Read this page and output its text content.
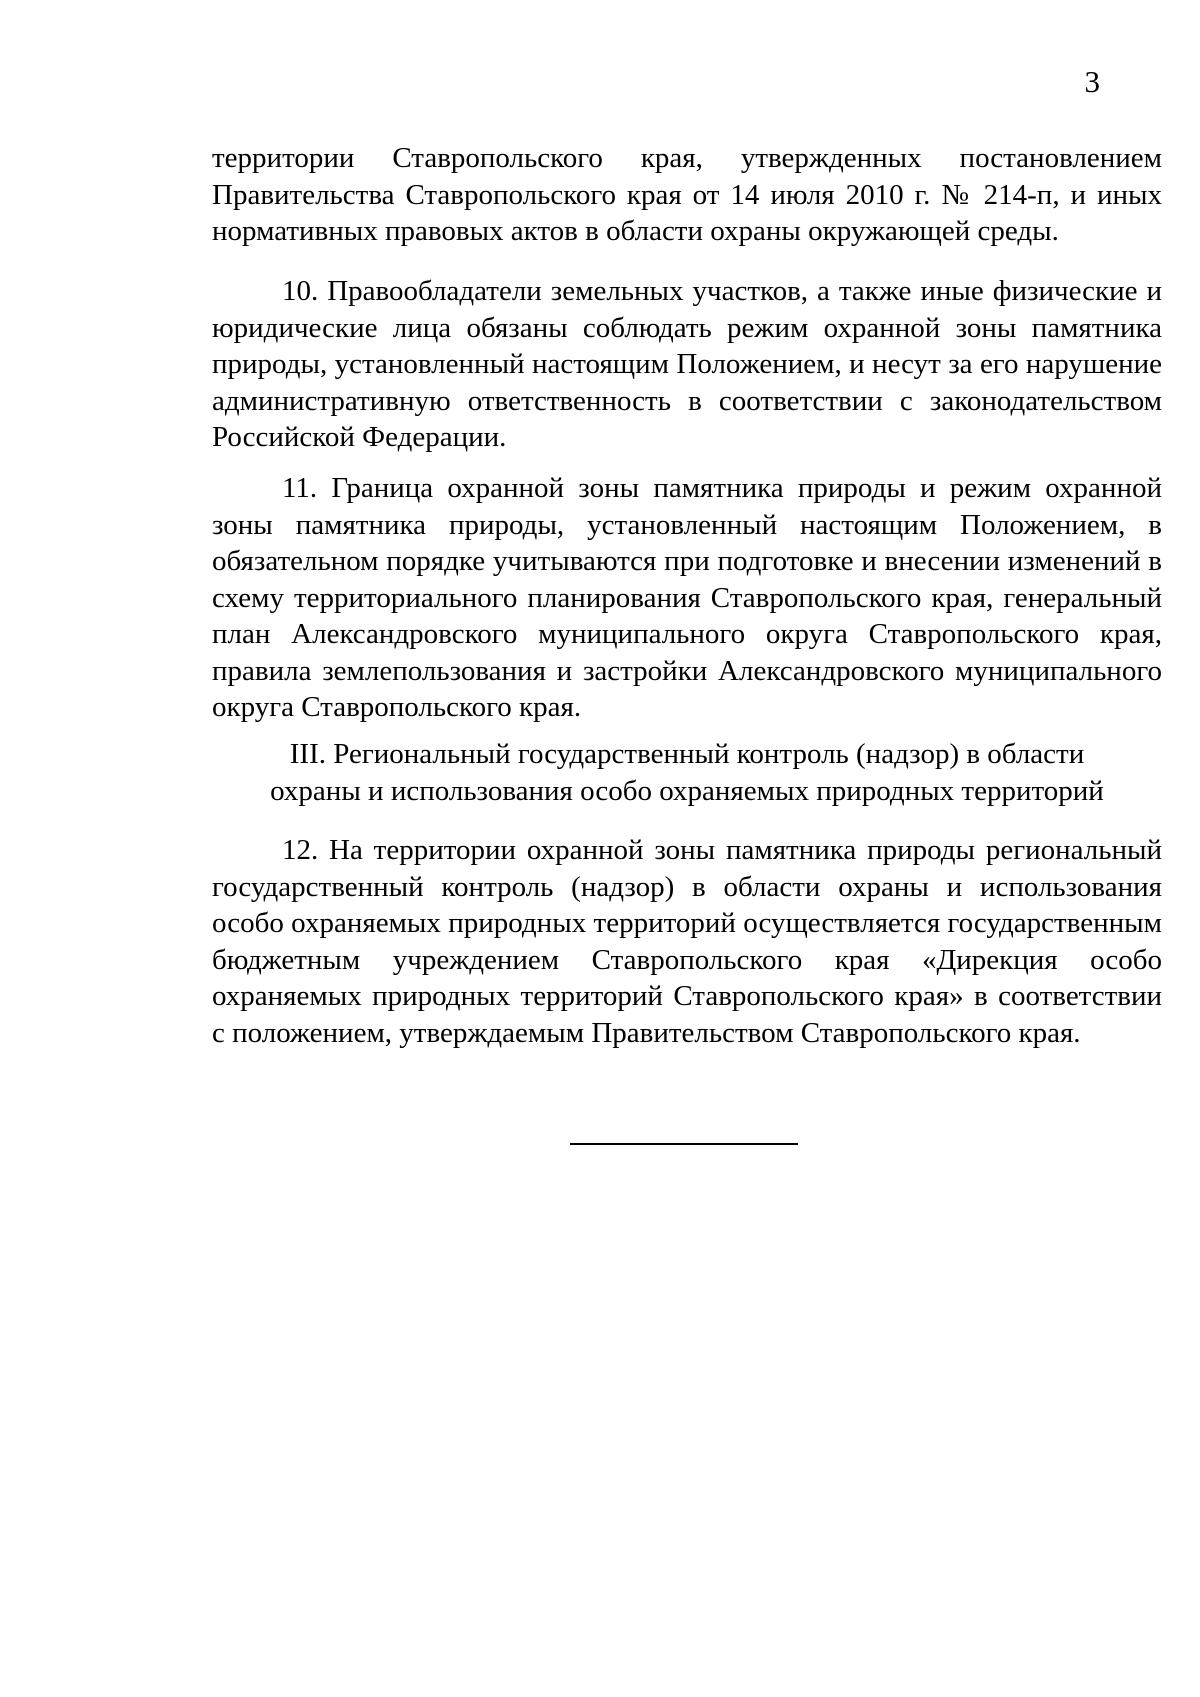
3

территории Ставропольского края, утвержденных постановлением Правительства Ставропольского края от 14 июля 2010 г. № 214-п, и иных нормативных правовых актов в области охраны окружающей среды.

10. Правообладатели земельных участков, а также иные физические и юридические лица обязаны соблюдать режим охранной зоны памятника природы, установленный настоящим Положением, и несут за его нарушение административную ответственность в соответствии с законодательством Российской Федерации.

11. Граница охранной зоны памятника природы и режим охранной зоны памятника природы, установленный настоящим Положением, в обязательном порядке учитываются при подготовке и внесении изменений в схему территориального планирования Ставропольского края, генеральный план Александровского муниципального округа Ставропольского края, правила землепользования и застройки Александровского муниципального округа Ставропольского края.

III. Региональный государственный контроль (надзор) в области
охраны и использования особо охраняемых природных территорий

12. На территории охранной зоны памятника природы региональный государственный контроль (надзор) в области охраны и использования особо охраняемых природных территорий осуществляется государственным бюджетным учреждением Ставропольского края «Дирекция особо охраняемых природных территорий Ставропольского края» в соответствии с положением, утверждаемым Правительством Ставропольского края.
